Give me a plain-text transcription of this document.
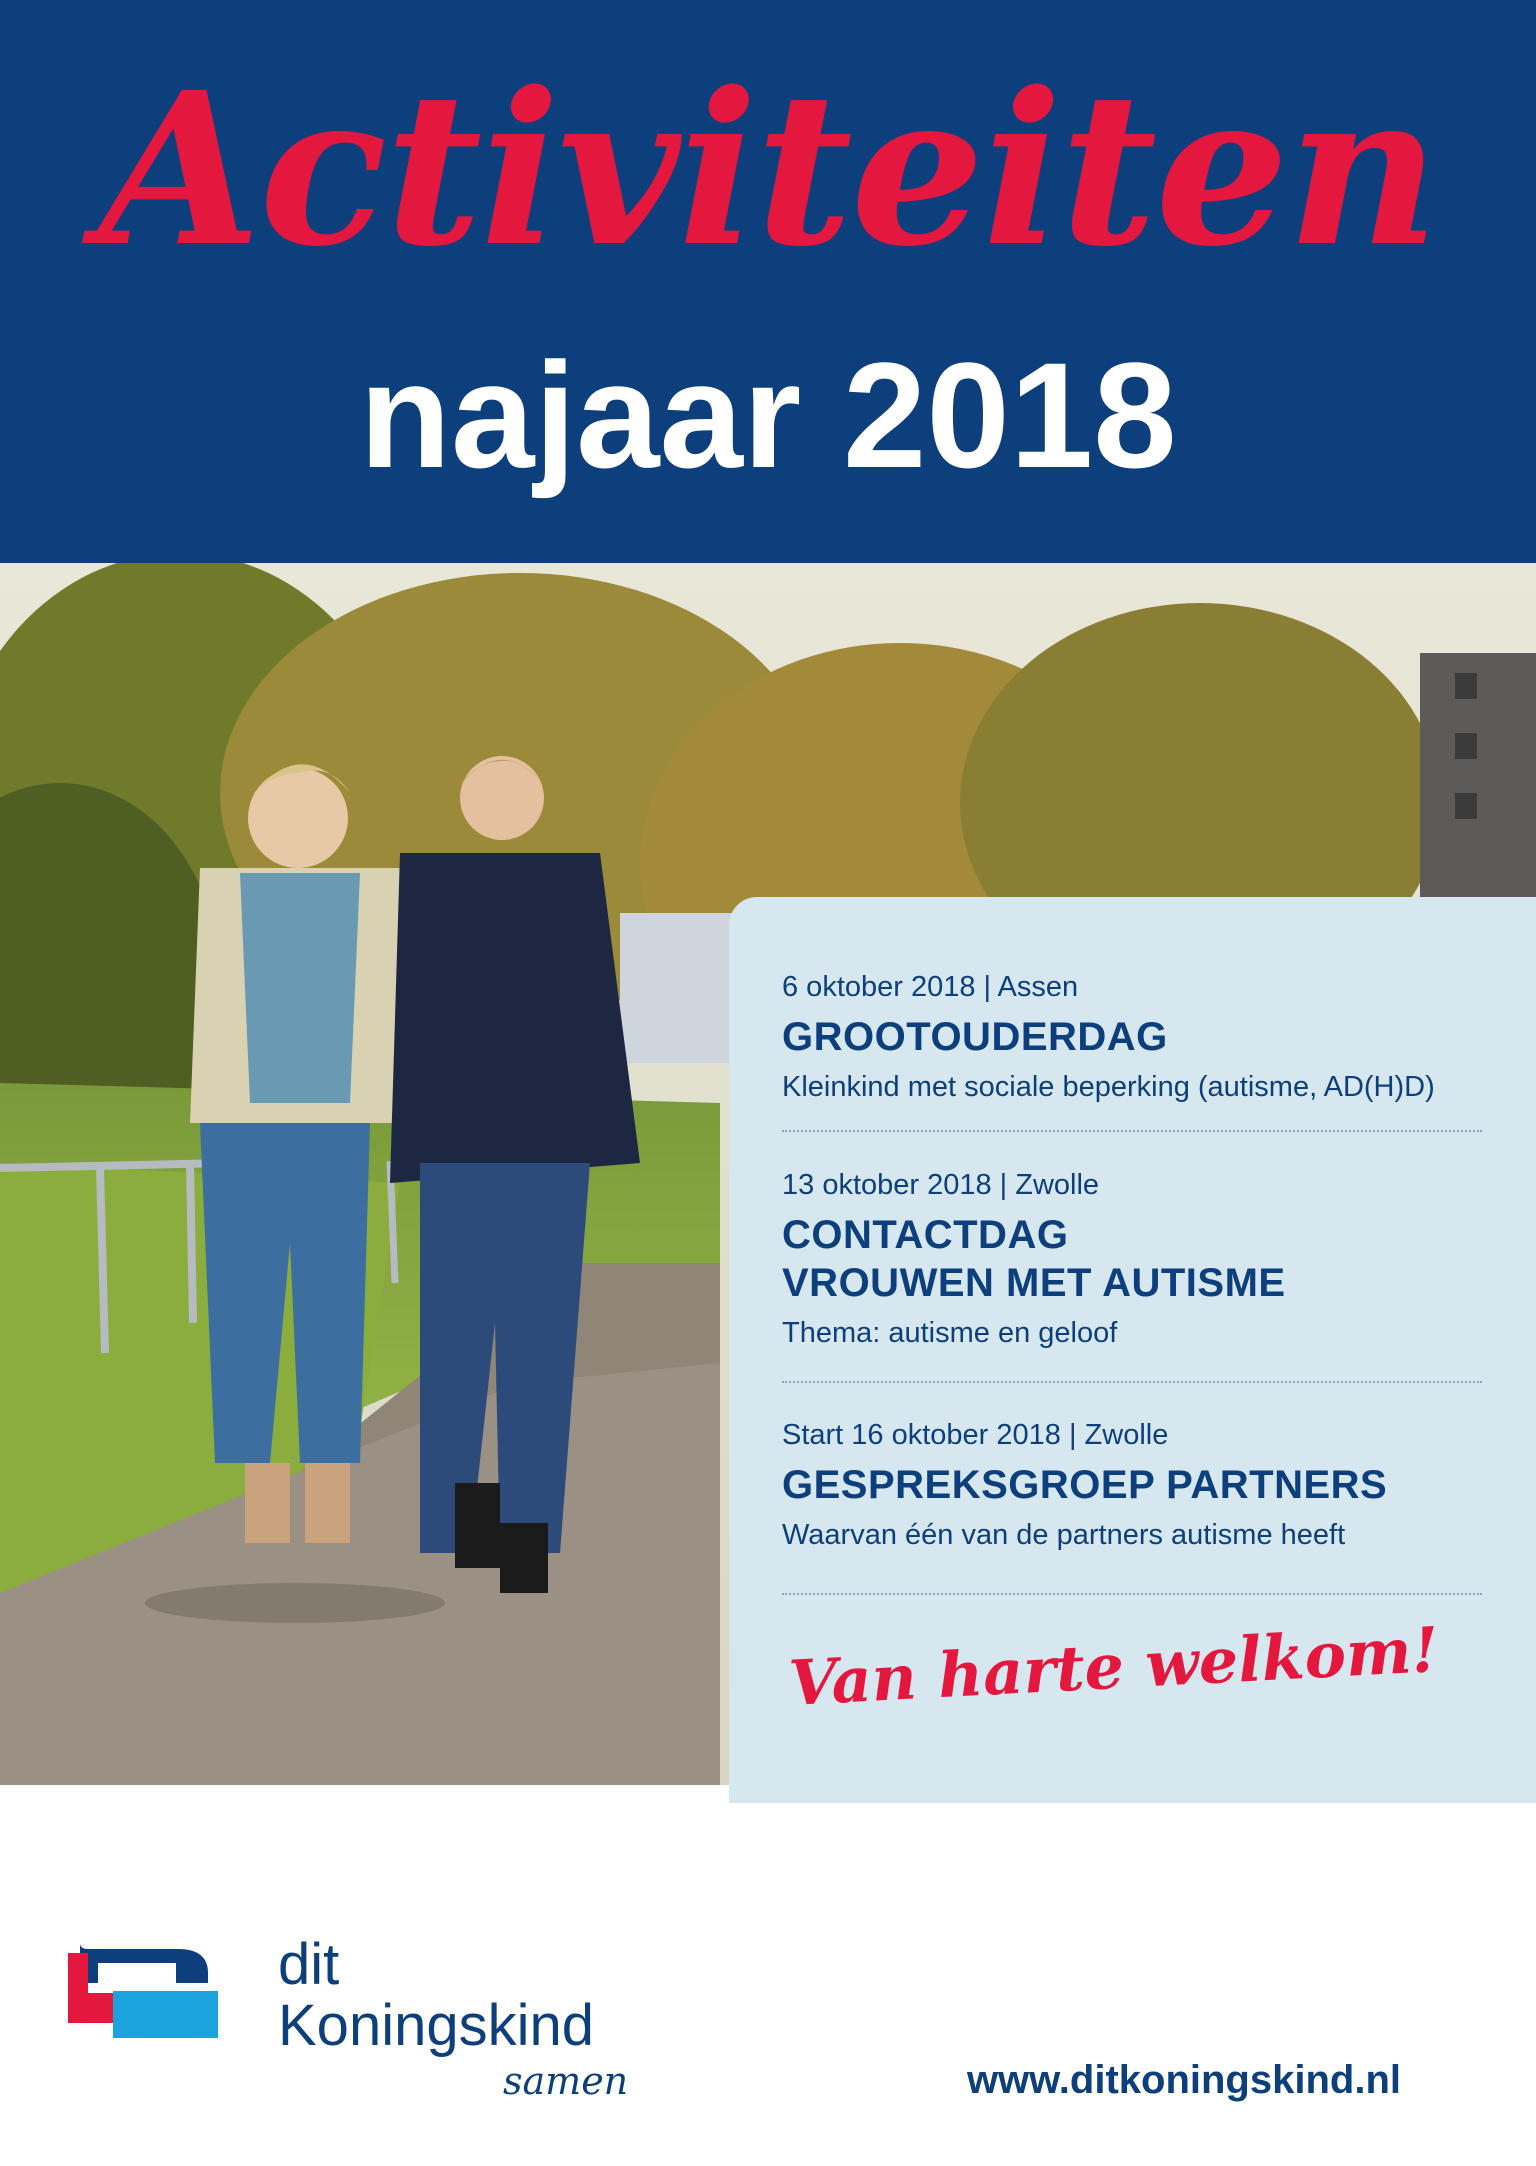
Activiteiten
najaar 2018
6 oktober 2018 | Assen
GROOTOUDERDAG
Kleinkind met sociale beperking (autisme, AD(H)D)
13 oktober 2018 | Zwolle
CONTACTDAG
VROUWEN MET AUTISME
Thema: autisme en geloof
Start 16 oktober 2018 | Zwolle
GESPREKSGROEP PARTNERS
Waarvan één van de partners autisme heeft
Van harte welkom!
dit
Koningskind
samen	www.ditkoningskind.nl
